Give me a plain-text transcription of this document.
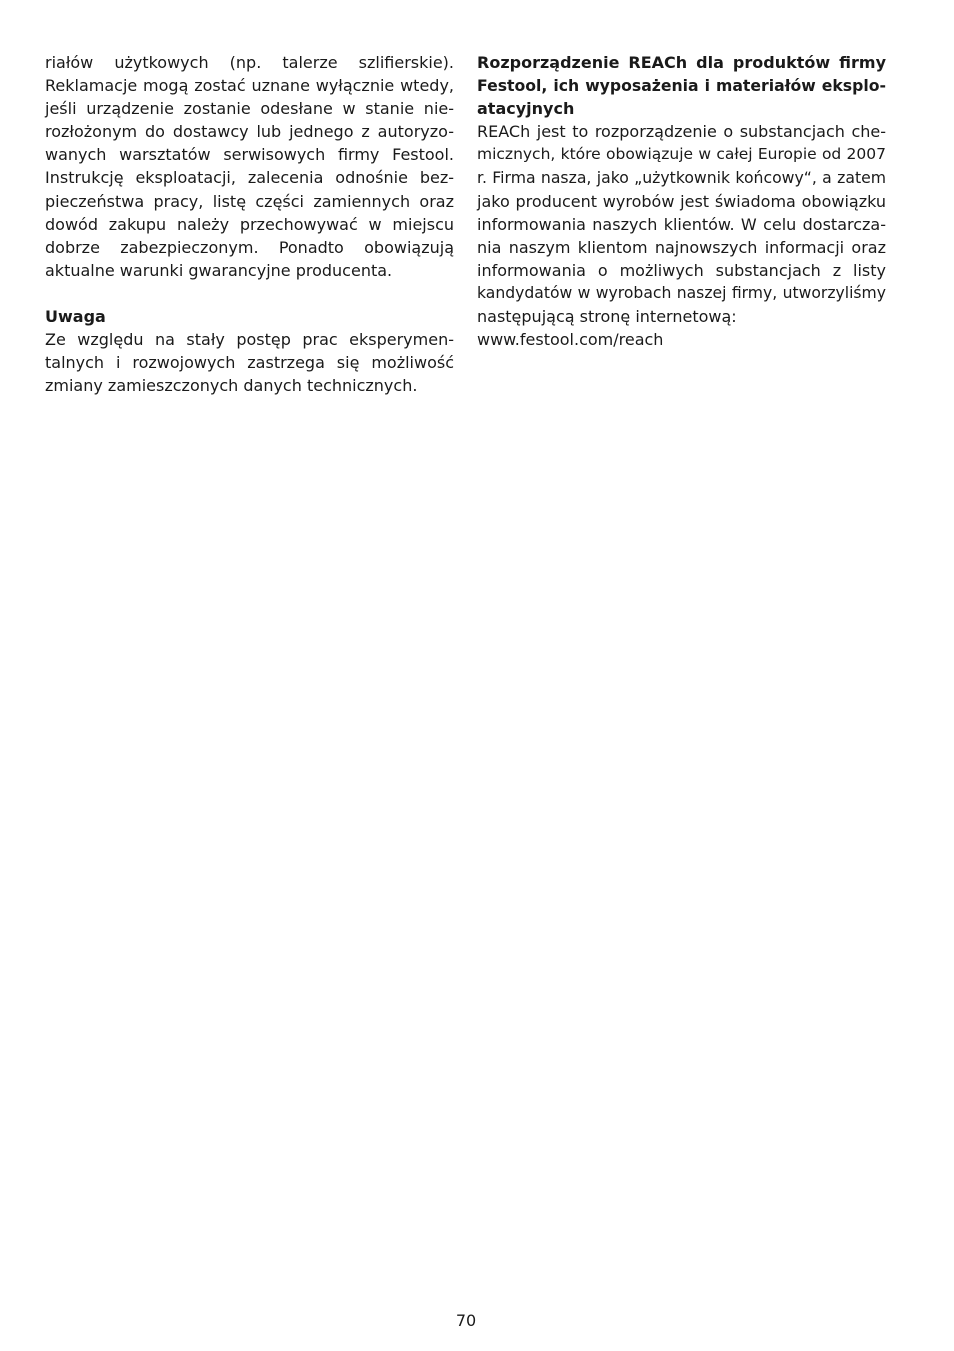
riałów użytkowych (np. talerze szlifierskie).
Reklamacje mogą zostać uznane wyłącznie wtedy,
jeśli urządzenie zostanie odesłane w stanie nie-
rozłożonym do dostawcy lub jednego z autoryzo-
wanych warsztatów serwisowych firmy Festool.
Instrukcję eksploatacji, zalecenia odnośnie bez-
pieczeństwa pracy, listę części zamiennych oraz
dowód zakupu należy przechowywać w miejscu
dobrze zabezpieczonym. Ponadto obowiązują
aktualne warunki gwarancyjne producenta.
Uwaga
Ze względu na stały postęp prac eksperymen-
talnych i rozwojowych zastrzega się możliwość
zmiany zamieszczonych danych technicznych.
Rozporządzenie REACh dla produktów firmy
Festool, ich wyposażenia i materiałów eksplo-
atacyjnych
REACh jest to rozporządzenie o substancjach che-
micznych, które obowiązuje w całej Europie od 2007
r. Firma nasza, jako „użytkownik końcowy“, a zatem
jako producent wyrobów jest świadoma obowiązku
informowania naszych klientów. W celu dostarcza-
nia naszym klientom najnowszych informacji oraz
informowania o możliwych substancjach z listy
kandydatów w wyrobach naszej firmy, utworzyliśmy
następującą stronę internetową:
www.festool.com/reach
70
